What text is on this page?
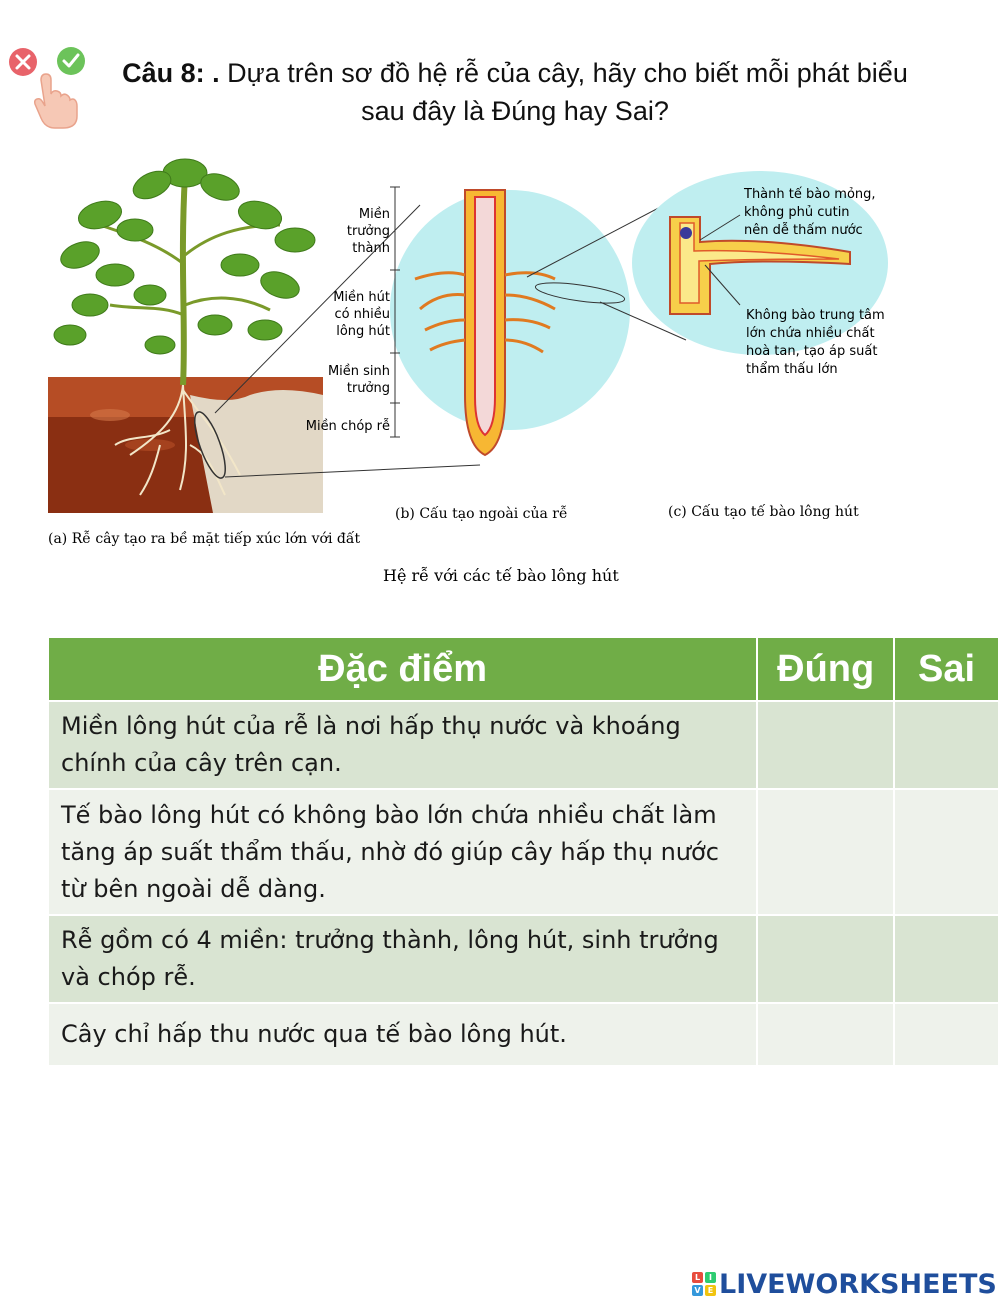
Câu 8: . Dựa trên sơ đồ hệ rễ của cây, hãy cho biết mỗi phát biểu sau đây là Đúng hay Sai?
Miền
trưởng
thành
Miền hút
có nhiều
lông hút
Miền sinh
trưởng
Miền chóp rễ
Thành tế bào mỏng,
không phủ cutin
nên dễ thấm nước
Không bào trung tâm
lớn chứa nhiều chất
hoà tan, tạo áp suất
thẩm thấu lớn
(b) Cấu tạo ngoài của rễ	(c) Cấu tạo tế bào lông hút
(a) Rễ cây tạo ra bề mặt tiếp xúc lớn với đất
Hệ rễ với các tế bào lông hút
Đặc điểm	Đúng	Sai
Miền lông hút của rễ là nơi hấp thụ nước và khoáng chính của cây trên cạn.		
Tế bào lông hút có không bào lớn chứa nhiều chất làm tăng áp suất thẩm thấu, nhờ đó giúp cây hấp thụ nước từ bên ngoài dễ dàng.		
Rễ gồm có 4 miền: trưởng thành, lông hút, sinh trưởng và chóp rễ.		
Cây chỉ hấp thu nước qua tế bào lông hút.		
L	I
V E LIVEWORKSHEETS
